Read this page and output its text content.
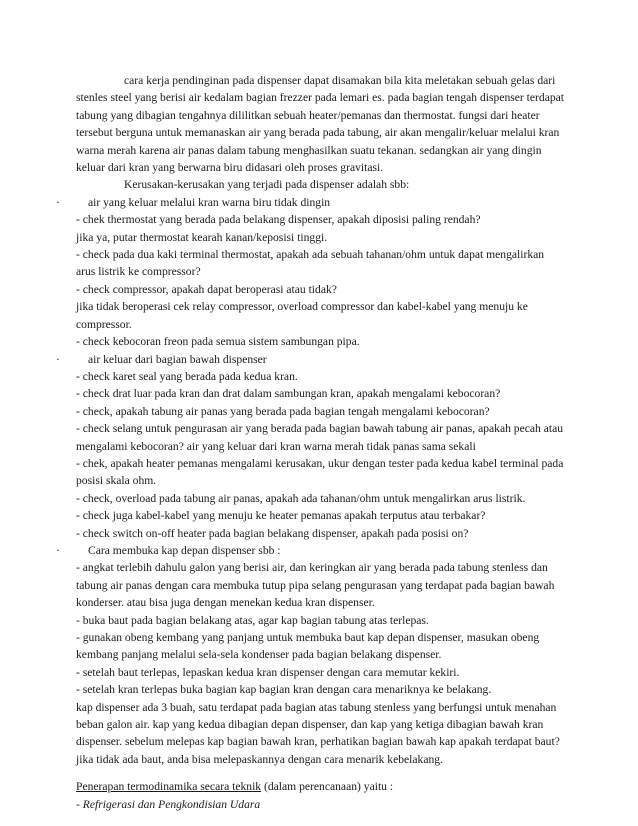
cara kerja pendinginan pada dispenser dapat disamakan bila kita meletakan sebuah gelas dari stenles steel yang berisi air kedalam bagian frezzer pada lemari es. pada bagian tengah dispenser terdapat tabung yang dibagian tengahnya dililitkan sebuah heater/pemanas dan thermostat. fungsi dari heater tersebut berguna untuk memanaskan air yang berada pada tabung, air akan mengalir/keluar melalui kran warna merah karena air panas dalam tabung menghasilkan suatu tekanan. sedangkan air yang dingin keluar dari kran yang berwarna biru didasari oleh proses gravitasi.

Kerusakan-kerusakan yang terjadi pada dispenser adalah sbb:

· air yang keluar melalui kran warna biru tidak dingin

- chek thermostat yang berada pada belakang dispenser, apakah diposisi paling rendah?

jika ya, putar thermostat kearah kanan/keposisi tinggi.

- check pada dua kaki terminal thermostat, apakah ada sebuah tahanan/ohm untuk dapat mengalirkan arus listrik ke compressor?

- check compressor, apakah dapat beroperasi atau tidak?

jika tidak beroperasi cek relay compressor, overload compressor dan kabel-kabel yang menuju ke compressor.

- check kebocoran freon pada semua sistem sambungan pipa.

· air keluar dari bagian bawah dispenser

- check karet seal yang berada pada kedua kran.

- check drat luar pada kran dan drat dalam sambungan kran, apakah mengalami kebocoran?

- check, apakah tabung air panas yang berada pada bagian tengah mengalami kebocoran?

- check selang untuk pengurasan air yang berada pada bagian bawah tabung air panas, apakah pecah atau mengalami kebocoran? air yang keluar dari kran warna merah tidak panas sama sekali

- chek, apakah heater pemanas mengalami kerusakan, ukur dengan tester pada kedua kabel terminal pada posisi skala ohm.

- check, overload pada tabung air panas, apakah ada tahanan/ohm untuk mengalirkan arus listrik.

- check juga kabel-kabel yang menuju ke heater pemanas apakah terputus atau terbakar?

- check switch on-off heater pada bagian belakang dispenser, apakah pada posisi on?

· Cara membuka kap depan dispenser sbb :

- angkat terlebih dahulu galon yang berisi air, dan keringkan air yang berada pada tabung stenless dan tabung air panas dengan cara membuka tutup pipa selang pengurasan yang terdapat pada bagian bawah konderser. atau bisa juga dengan menekan kedua kran dispenser.

- buka baut pada bagian belakang atas, agar kap bagian tabung atas terlepas.

- gunakan obeng kembang yang panjang untuk membuka baut kap depan dispenser, masukan obeng kembang panjang melalui sela-sela kondenser pada bagian belakang dispenser.

- setelah baut terlepas, lepaskan kedua kran dispenser dengan cara memutar kekiri.

- setelah kran terlepas buka bagian kap bagian kran dengan cara menariknya ke belakang.

kap dispenser ada 3 buah, satu terdapat pada bagian atas tabung stenless yang berfungsi untuk menahan beban galon air. kap yang kedua dibagian depan dispenser, dan kap yang ketiga dibagian bawah kran dispenser. sebelum melepas kap bagian bawah kran, perhatikan bagian bawah kap apakah terdapat baut? jika tidak ada baut, anda bisa melepaskannya dengan cara menarik kebelakang.

Penerapan termodinamika secara teknik (dalam perencanaan) yaitu :

- Refrigerasi dan Pengkondisian Udara
